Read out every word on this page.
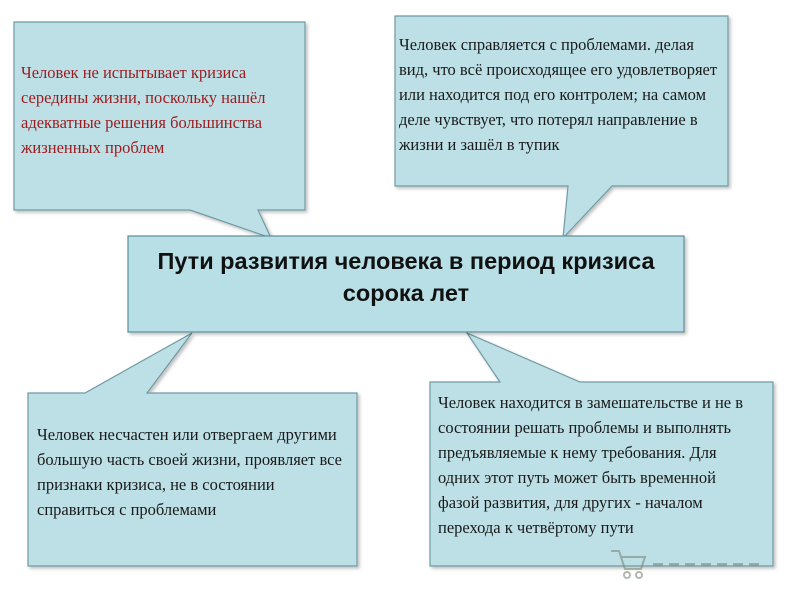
Пути развития человека в период кризиса сорока лет
Человек не испытывает кризиса середины жизни, поскольку нашёл адекватные решения большинства жизненных проблем
Человек справляется с проблемами. делая вид, что всё происходящее его удовлетворяет или находится под его контролем; на самом деле чувствует, что потерял направление в жизни и зашёл в тупик
Человек несчастен или отвергаем другими большую часть своей жизни, проявляет все признаки кризиса, не в состоянии справиться с проблемами
Человек находится в замешательстве и не в состоянии решать проблемы и выполнять предъявляемые к нему требования. Для одних этот путь может быть временной фазой развития, для других - началом перехода к четвёртому пути
